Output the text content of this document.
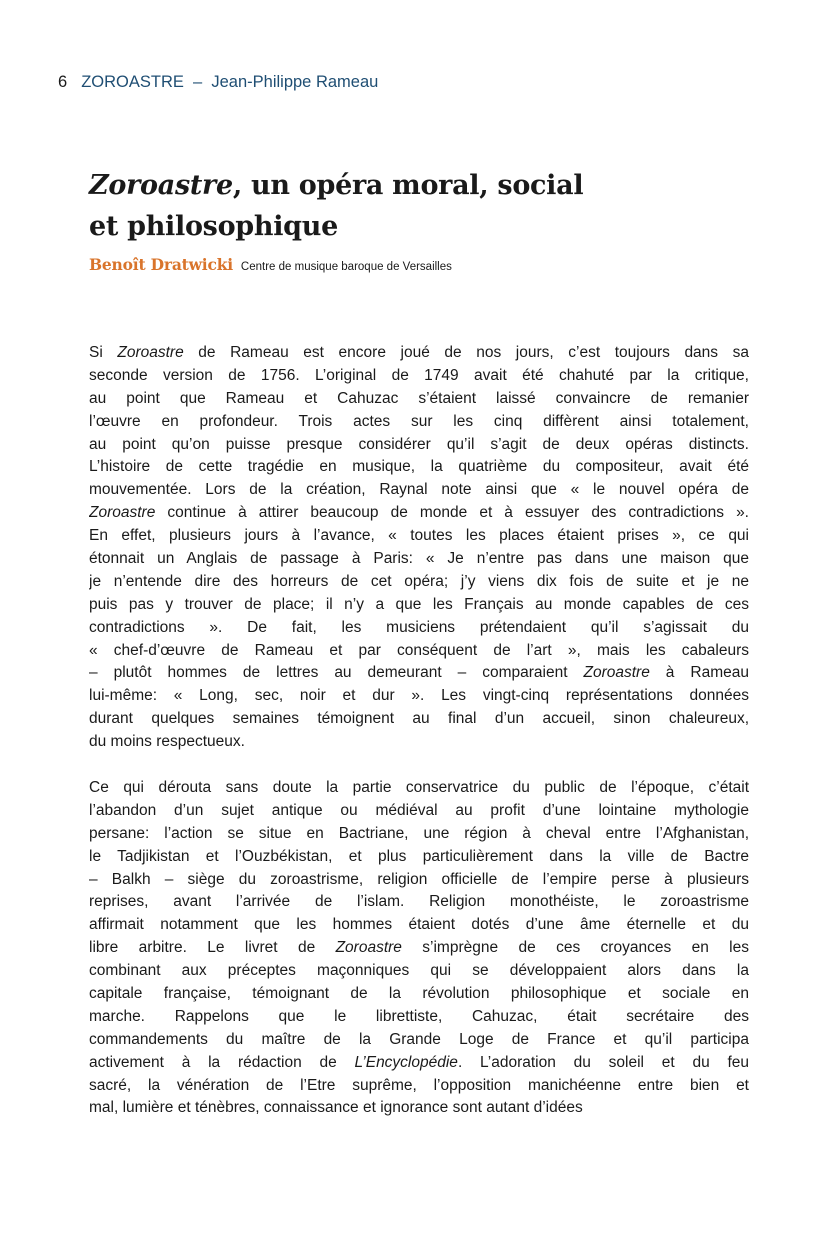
6 ZOROASTRE  –  Jean-Philippe Rameau
Zoroastre, un opéra moral, social
et philosophique
Benoît Dratwicki Centre de musique baroque de Versailles
Si Zoroastre de Rameau est encore joué de nos jours, c’est toujours dans sa
seconde version de 1756. L’original de 1749 avait été chahuté par la critique,
au point que Rameau et Cahuzac s’étaient laissé convaincre de remanier
l’œuvre en profondeur. Trois actes sur les cinq diffèrent ainsi totalement,
au point qu’on puisse presque considérer qu’il s’agit de deux opéras distincts.
L’histoire de cette tragédie en musique, la quatrième du compositeur, avait été
mouvementée. Lors de la création, Raynal note ainsi que « le nouvel opéra de
Zoroastre continue à attirer beaucoup de monde et à essuyer des contradictions ».
En effet, plusieurs jours à l’avance, « toutes les places étaient prises », ce qui
étonnait un Anglais de passage à Paris: « Je n’entre pas dans une maison que
je n’entende dire des horreurs de cet opéra; j’y viens dix fois de suite et je ne
puis pas y trouver de place; il n’y a que les Français au monde capables de ces
contradictions ». De fait, les musiciens prétendaient qu’il s’agissait du
« chef-d’œuvre de Rameau et par conséquent de l’art », mais les cabaleurs
– plutôt hommes de lettres au demeurant – comparaient Zoroastre à Rameau
lui-même: « Long, sec, noir et dur ». Les vingt-cinq représentations données
durant quelques semaines témoignent au final d’un accueil, sinon chaleureux,
du moins respectueux.
Ce qui dérouta sans doute la partie conservatrice du public de l’époque, c’était
l’abandon d’un sujet antique ou médiéval au profit d’une lointaine mythologie
persane: l’action se situe en Bactriane, une région à cheval entre l’Afghanistan,
le Tadjikistan et l’Ouzbékistan, et plus particulièrement dans la ville de Bactre
– Balkh – siège du zoroastrisme, religion officielle de l’empire perse à plusieurs
reprises, avant l’arrivée de l’islam. Religion monothéiste, le zoroastrisme
affirmait notamment que les hommes étaient dotés d’une âme éternelle et du
libre arbitre. Le livret de Zoroastre s’imprègne de ces croyances en les
combinant aux préceptes maçonniques qui se développaient alors dans la
capitale française, témoignant de la révolution philosophique et sociale en
marche. Rappelons que le librettiste, Cahuzac, était secrétaire des
commandements du maître de la Grande Loge de France et qu’il participa
activement à la rédaction de L’Encyclopédie. L’adoration du soleil et du feu
sacré, la vénération de l’Etre suprême, l’opposition manichéenne entre bien et
mal, lumière et ténèbres, connaissance et ignorance sont autant d’idées
